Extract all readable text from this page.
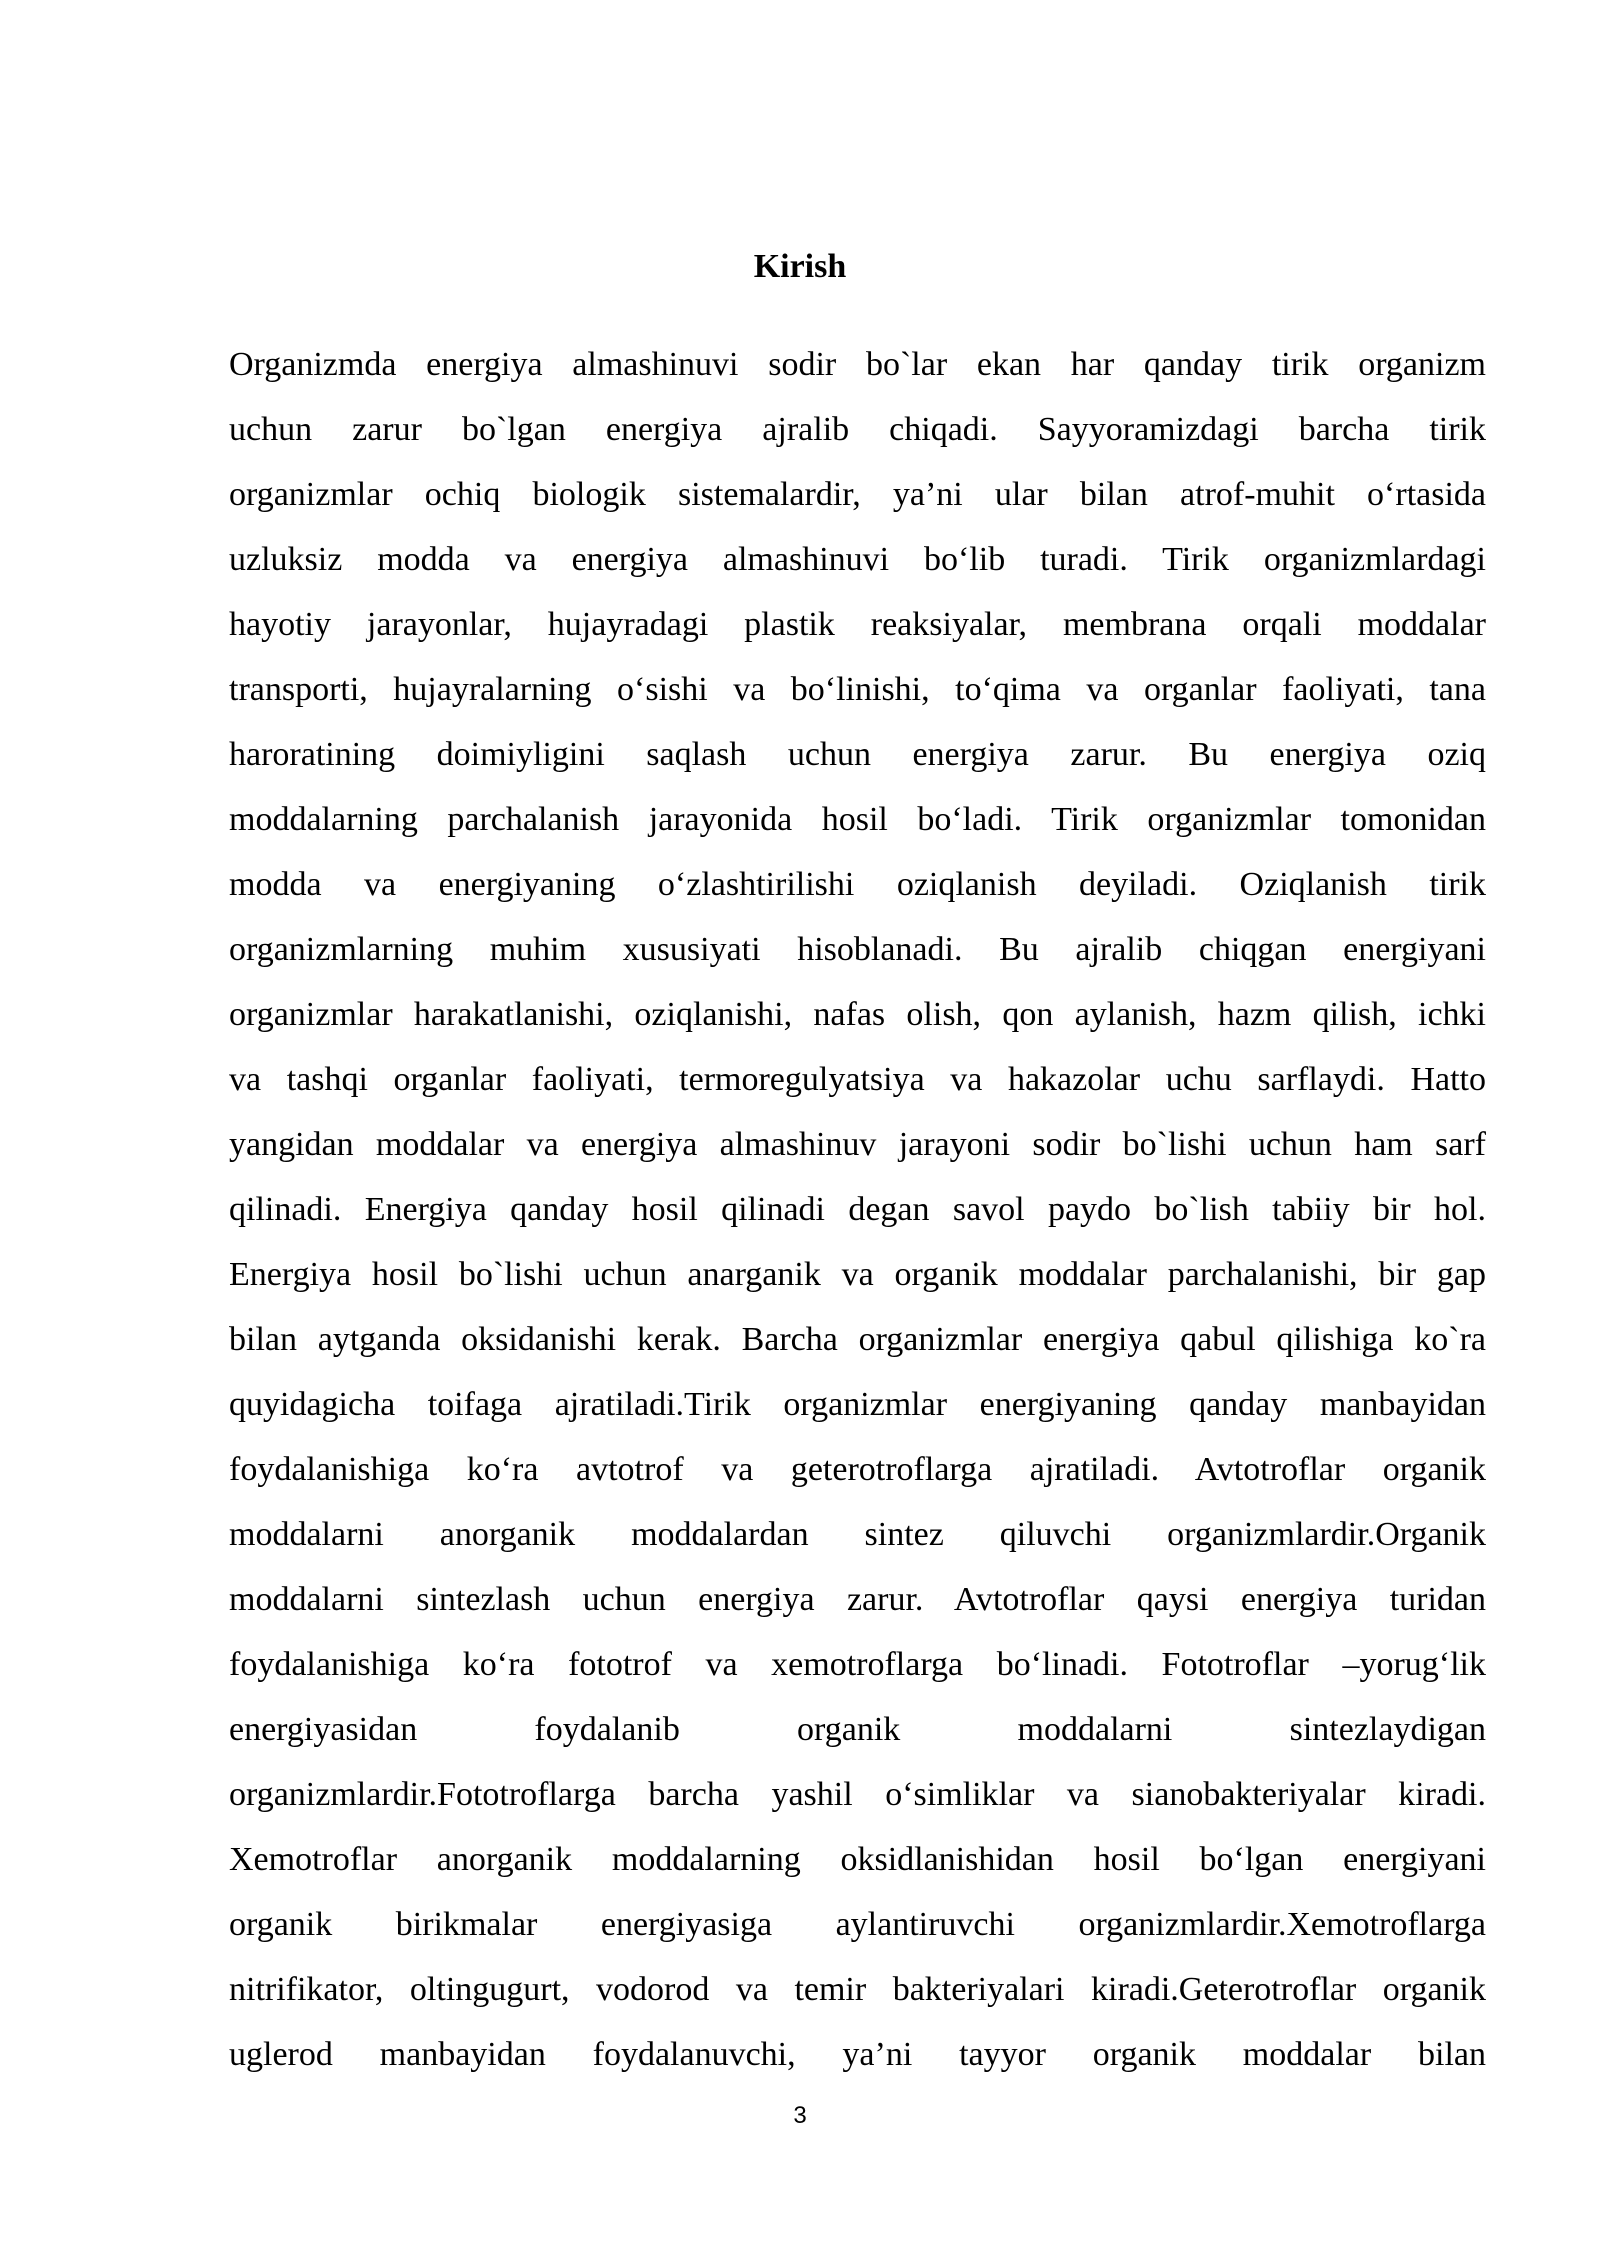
Kirish
Organizmda energiya almashinuvi sodir bo`lar ekan har qanday tirik organizm
uchun zarur bo`lgan energiya ajralib chiqadi. Sayyoramizdagi barcha tirik
organizmlar ochiq biologik sistemalardir, ya’ni ular bilan atrof-muhit o‘rtasida
uzluksiz modda va energiya almashinuvi bo‘lib turadi. Tirik organizmlardagi
hayotiy jarayonlar, hujayradagi plastik reaksiyalar, membrana orqali moddalar
transporti, hujayralarning o‘sishi va bo‘linishi, to‘qima va organlar faoliyati, tana
haroratining doimiyligini saqlash uchun energiya zarur. Bu energiya oziq
moddalarning parchalanish jarayonida hosil bo‘ladi. Tirik organizmlar tomonidan
modda va energiyaning o‘zlashtirilishi oziqlanish deyiladi. Oziqlanish tirik
organizmlarning muhim xususiyati hisoblanadi. Bu ajralib chiqgan energiyani
organizmlar harakatlanishi, oziqlanishi, nafas olish, qon aylanish, hazm qilish, ichki
va tashqi organlar faoliyati, termoregulyatsiya va hakazolar uchu sarflaydi. Hatto
yangidan moddalar va energiya almashinuv jarayoni sodir bo`lishi uchun ham sarf
qilinadi. Energiya qanday hosil qilinadi degan savol paydo bo`lish tabiiy bir hol.
Energiya hosil bo`lishi uchun anarganik va organik moddalar parchalanishi, bir gap
bilan aytganda oksidanishi kerak. Barcha organizmlar energiya qabul qilishiga ko`ra
quyidagicha toifaga ajratiladi.Tirik organizmlar energiyaning qanday manbayidan
foydalanishiga ko‘ra avtotrof va geterotroflarga ajratiladi. Avtotroflar organik
moddalarni anorganik moddalardan sintez qiluvchi organizmlardir.Organik
moddalarni sintezlash uchun energiya zarur. Avtotroflar qaysi energiya turidan
foydalanishiga ko‘ra fototrof va xemotroflarga bo‘linadi. Fototroflar –yorug‘lik
energiyasidan foydalanib organik moddalarni sintezlaydigan
organizmlardir.Fototroflarga barcha yashil o‘simliklar va sianobakteriyalar kiradi.
Xemotroflar anorganik moddalarning oksidlanishidan hosil bo‘lgan energiyani
organik birikmalar energiyasiga aylantiruvchi organizmlardir.Xemotroflarga
nitrifikator, oltingugurt, vodorod va temir bakteriyalari kiradi.Geterotroflar organik
uglerod manbayidan foydalanuvchi, ya’ni tayyor organik moddalar bilan

3
